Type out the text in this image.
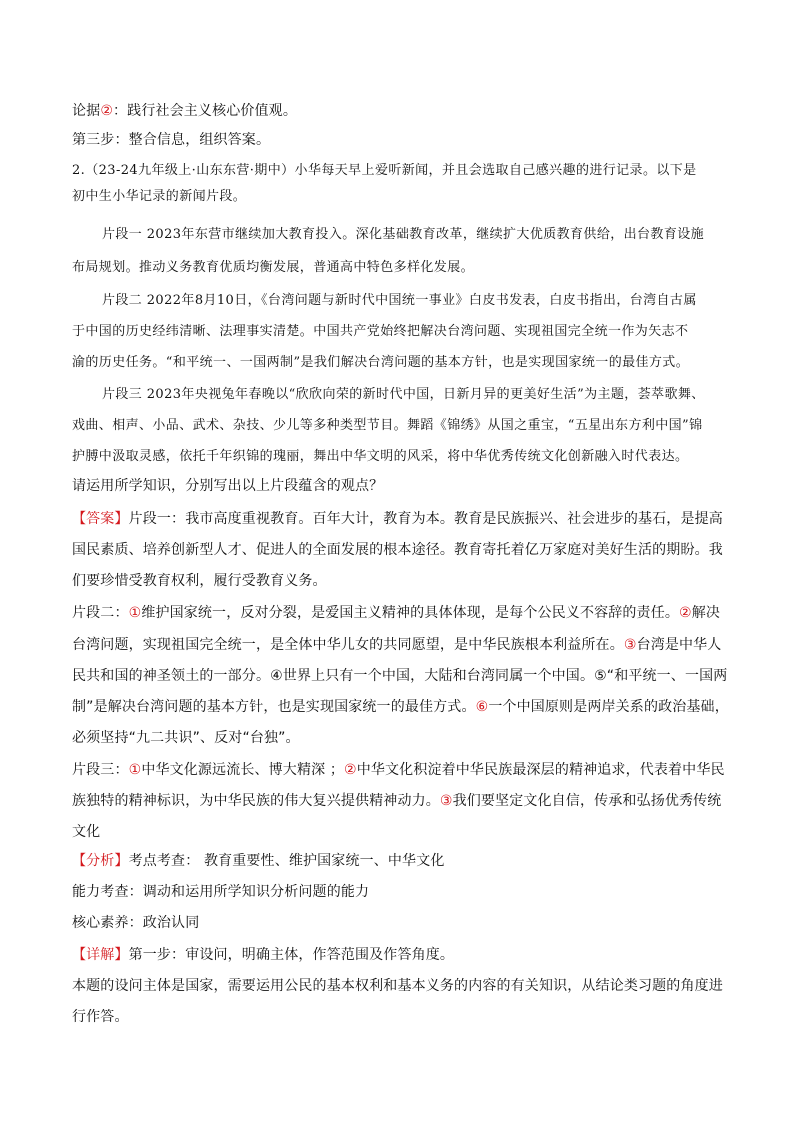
论据②：践行社会主义核心价值观。
第三步：整合信息，组织答案。
2.（23-24九年级上·山东东营·期中）小华每天早上爱听新闻，并且会选取自己感兴趣的进行记录。以下是
初中生小华记录的新闻片段。
片段一 2023年东营市继续加大教育投入。深化基础教育改革，继续扩大优质教育供给，出台教育设施
布局规划。推动义务教育优质均衡发展，普通高中特色多样化发展。
片段二 2022年8月10日，《台湾问题与新时代中国统一事业》白皮书发表，白皮书指出，台湾自古属
于中国的历史经纬清晰、法理事实清楚。中国共产党始终把解决台湾问题、实现祖国完全统一作为矢志不
渝的历史任务。“和平统一、一国两制”是我们解决台湾问题的基本方针，也是实现国家统一的最佳方式。
片段三 2023年央视兔年春晚以“欣欣向荣的新时代中国，日新月异的更美好生活”为主题，荟萃歌舞、
戏曲、相声、小品、武术、杂技、少儿等多种类型节目。舞蹈《锦绣》从国之重宝，“五星出东方利中国”锦
护膊中汲取灵感，依托千年织锦的瑰丽，舞出中华文明的风采，将中华优秀传统文化创新融入时代表达。
请运用所学知识，分别写出以上片段蕴含的观点？
【答案】片段一：我市高度重视教育。百年大计，教育为本。教育是民族振兴、社会进步的基石，是提高
国民素质、培养创新型人才、促进人的全面发展的根本途径。教育寄托着亿万家庭对美好生活的期盼。我
们要珍惜受教育权利，履行受教育义务。
片段二：①维护国家统一，反对分裂，是爱国主义精神的具体体现，是每个公民义不容辞的责任。②解决
台湾问题，实现祖国完全统一，是全体中华儿女的共同愿望，是中华民族根本利益所在。③台湾是中华人
民共和国的神圣领土的一部分。④世界上只有一个中国，大陆和台湾同属一个中国。⑤“和平统一、一国两
制”是解决台湾问题的基本方针，也是实现国家统一的最佳方式。⑥一个中国原则是两岸关系的政治基础，
必须坚持“九二共识”、反对“台独”。
片段三：①中华文化源远流长、博大精深 ；②中华文化积淀着中华民族最深层的精神追求，代表着中华民
族独特的精神标识，为中华民族的伟大复兴提供精神动力。③我们要坚定文化自信，传承和弘扬优秀传统
文化
【分析】考点考查： 教育重要性、维护国家统一、中华文化
能力考查：调动和运用所学知识分析问题的能力
核心素养：政治认同
【详解】第一步：审设问，明确主体，作答范围及作答角度。
本题的设问主体是国家，需要运用公民的基本权利和基本义务的内容的有关知识，从结论类习题的角度进
行作答。
